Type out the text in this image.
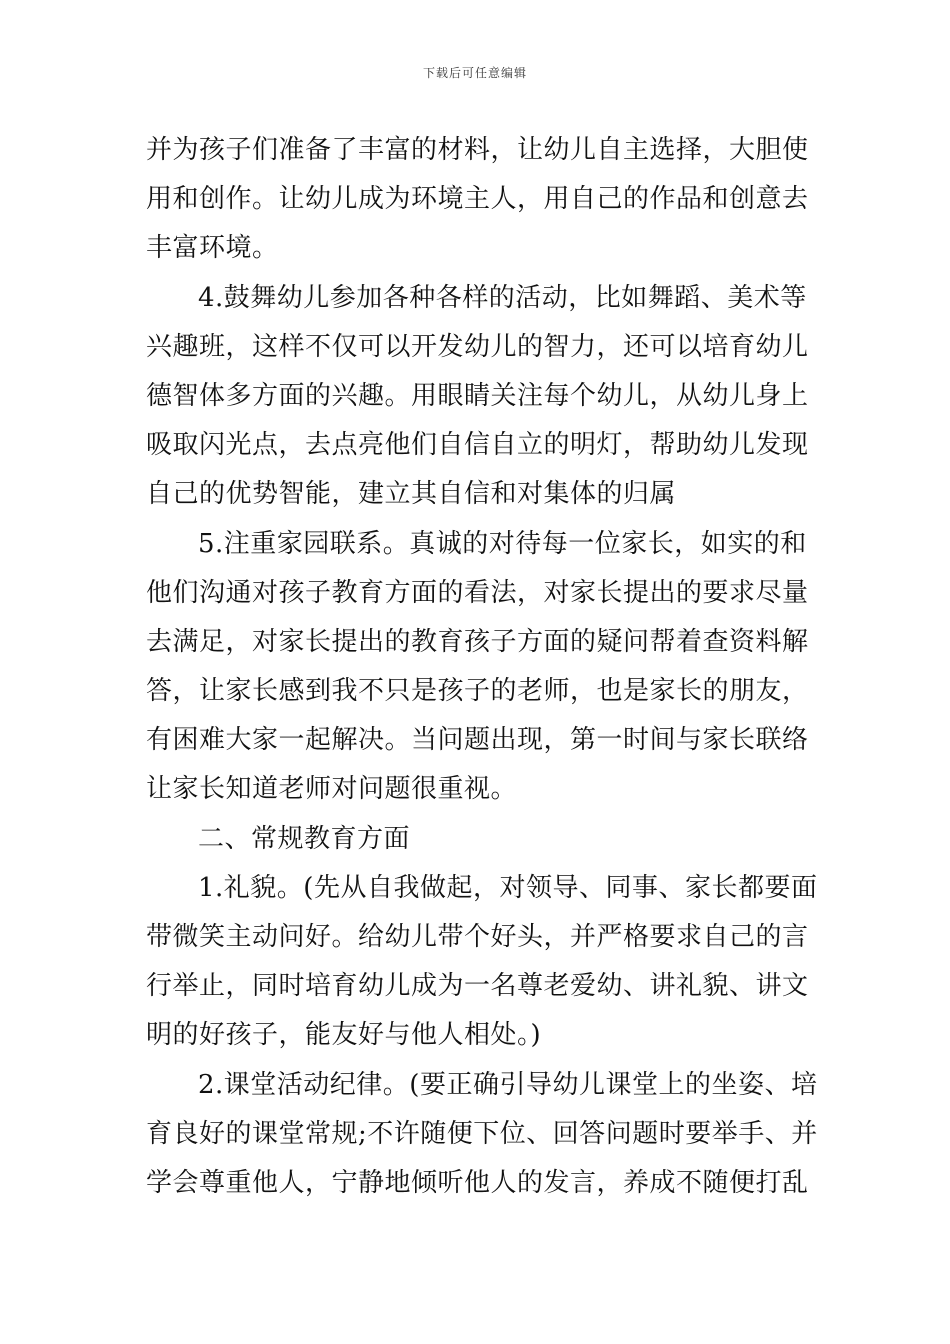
下载后可任意编辑
并为孩子们准备了丰富的材料，让幼儿自主选择，大胆使
用和创作。让幼儿成为环境主人，用自己的作品和创意去
丰富环境。
4.鼓舞幼儿参加各种各样的活动，比如舞蹈、美术等
兴趣班，这样不仅可以开发幼儿的智力，还可以培育幼儿
德智体多方面的兴趣。用眼睛关注每个幼儿，从幼儿身上
吸取闪光点，去点亮他们自信自立的明灯，帮助幼儿发现
自己的优势智能，建立其自信和对集体的归属
5.注重家园联系。真诚的对待每一位家长，如实的和
他们沟通对孩子教育方面的看法，对家长提出的要求尽量
去满足，对家长提出的教育孩子方面的疑问帮着查资料解
答，让家长感到我不只是孩子的老师，也是家长的朋友，
有困难大家一起解决。当问题出现，第一时间与家长联络
让家长知道老师对问题很重视。
二、常规教育方面
1.礼貌。(先从自我做起，对领导、同事、家长都要面
带微笑主动问好。给幼儿带个好头，并严格要求自己的言
行举止，同时培育幼儿成为一名尊老爱幼、讲礼貌、讲文
明的好孩子，能友好与他人相处。)
2.课堂活动纪律。(要正确引导幼儿课堂上的坐姿、培
育良好的课堂常规;不许随便下位、回答问题时要举手、并
学会尊重他人，宁静地倾听他人的发言，养成不随便打乱
